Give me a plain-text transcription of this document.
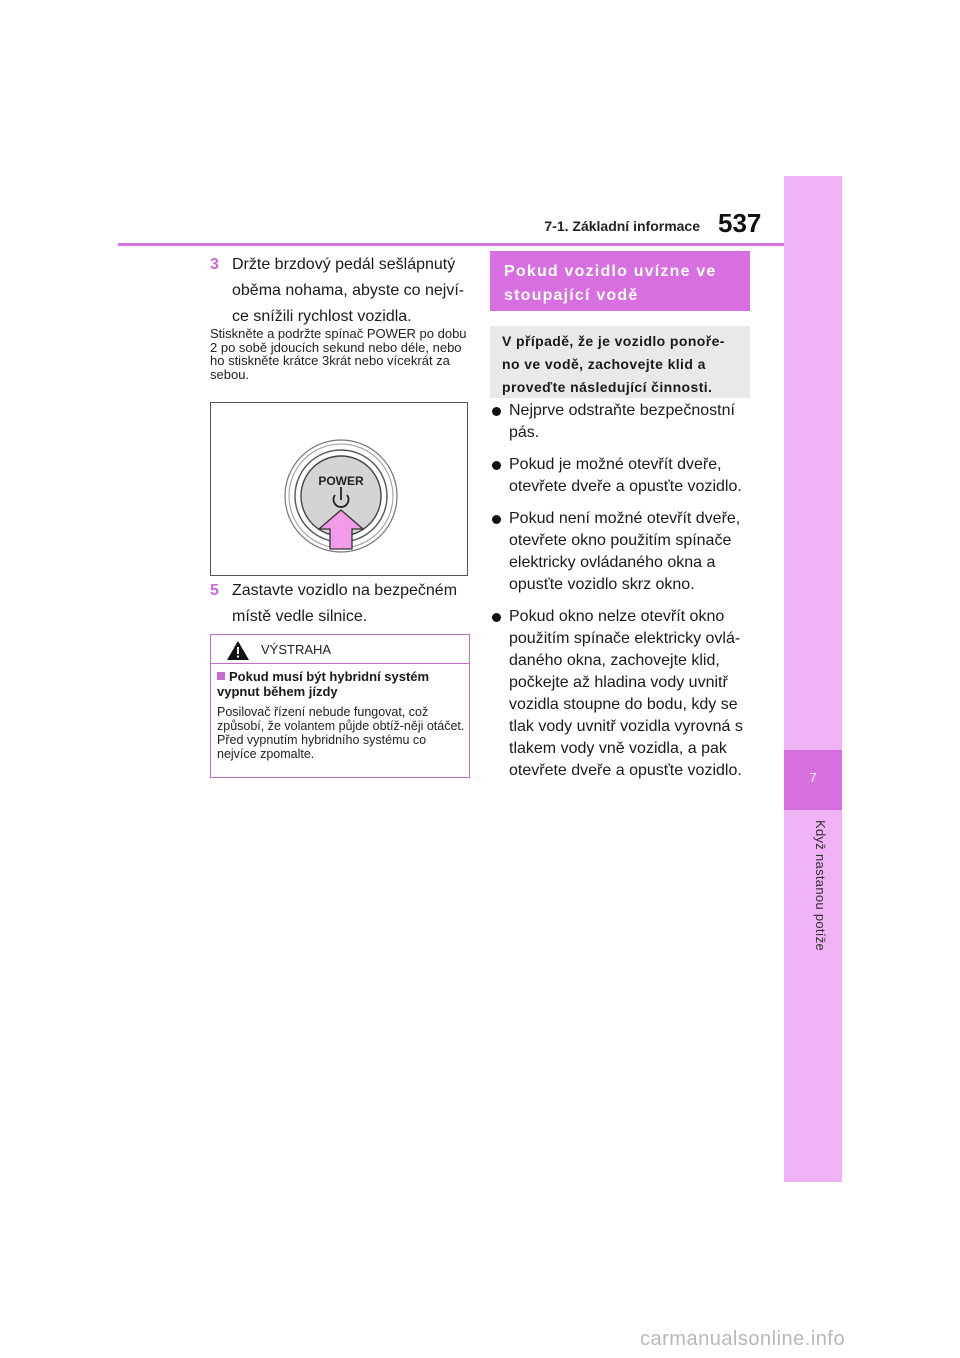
7-1. Základní informace 537
7
Když nastanou potíže
3 Držte brzdový pedál sešlápnutý oběma nohama, abyste co nejví-ce snížili rychlost vozidla.
Stiskněte a podržte spínač POWER po dobu 2 po sobě jdoucích sekund nebo déle, nebo ho stiskněte krátce 3krát nebo vícekrát za sebou.
POWER
5 Zastavte vozidlo na bezpečném místě vedle silnice.
VÝSTRAHA
Pokud musí být hybridní systém vypnut během jízdy
Posilovač řízení nebude fungovat, což způsobí, že volantem půjde obtíž-něji otáčet. Před vypnutím hybridního systému co nejvíce zpomalte.
Pokud vozidlo uvízne ve stoupající vodě
V případě, že je vozidlo ponoře-no ve vodě, zachovejte klid a proveďte následující činnosti.
Nejprve odstraňte bezpečnostní pás.
Pokud je možné otevřít dveře, otevřete dveře a opusťte vozidlo.
Pokud není možné otevřít dveře, otevřete okno použitím spínače elektricky ovládaného okna a opusťte vozidlo skrz okno.
Pokud okno nelze otevřít okno použitím spínače elektricky ovlá-daného okna, zachovejte klid, počkejte až hladina vody uvnitř vozidla stoupne do bodu, kdy se tlak vody uvnitř vozidla vyrovná s tlakem vody vně vozidla, a pak otevřete dveře a opusťte vozidlo.
carmanualsonline.info
